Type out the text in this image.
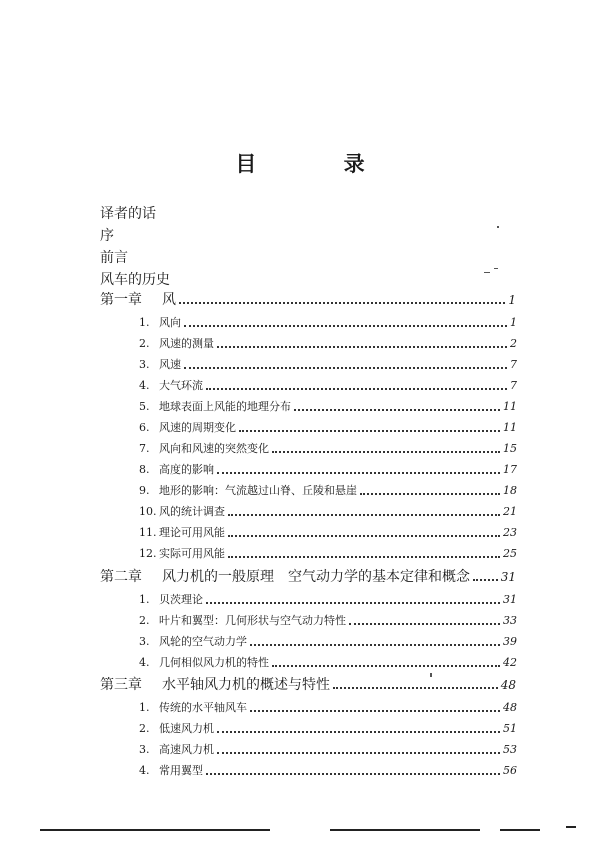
目 录
译者的话
序
前言
风车的历史
第一章	风	1
1. 风向	1
2. 风速的测量	2
3. 风速	7
4. 大气环流	7
5. 地球表面上风能的地理分布	11
6. 风速的周期变化	11
7. 风向和风速的突然变化	15
8. 高度的影响	17
9. 地形的影响：气流越过山脊、丘陵和悬崖	18
10. 风的统计调查	21
11. 理论可用风能	23
12. 实际可用风能	25
第二章	风力机的一般原理　空气动力学的基本定律和概念	31
1. 贝茨理论	31
2. 叶片和翼型：几何形状与空气动力特性	33
3. 风轮的空气动力学	39
4. 几何相似风力机的特性	42
第三章	水平轴风力机的概述与特性	48
1. 传统的水平轴风车	48
2. 低速风力机	51
3. 高速风力机	53
4. 常用翼型	56
